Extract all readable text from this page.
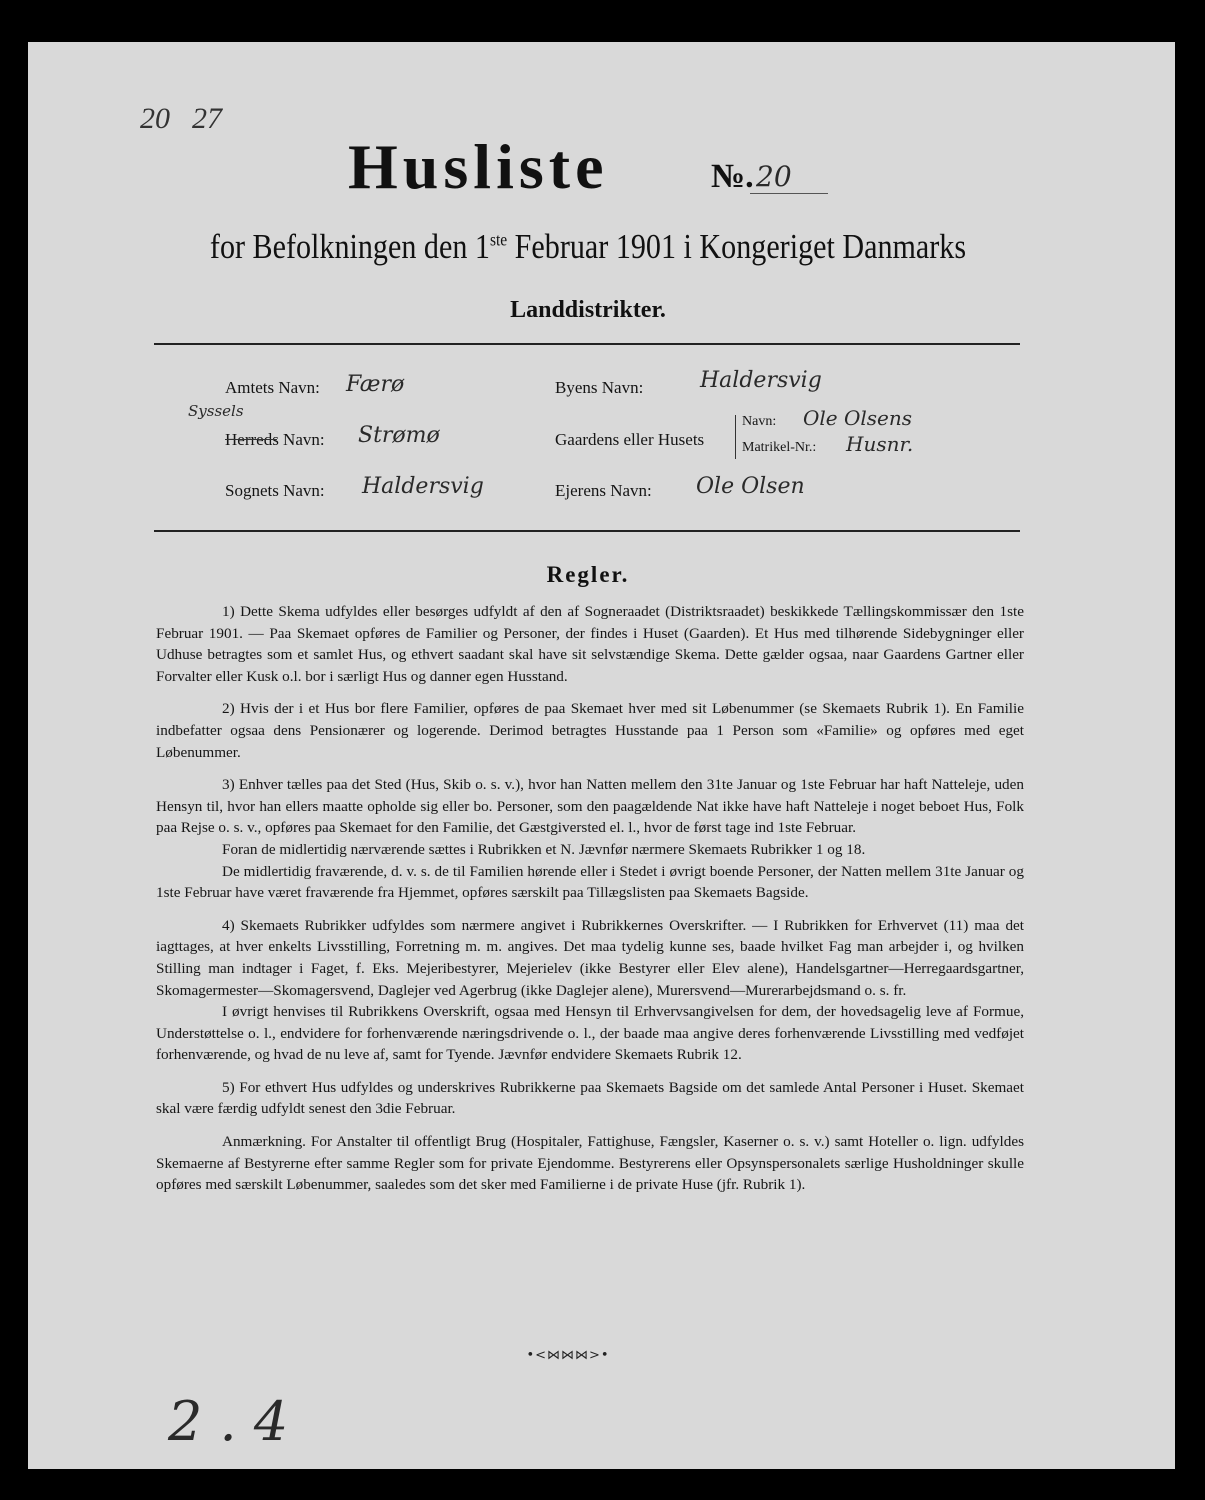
20 27
Husliste	№. 20
for Befolkningen den 1ste Februar 1901 i Kongeriget Danmarks
Landdistrikter.
Amtets Navn: Færø
Syssels
Herreds Navn: Strømø
Sognets Navn: Haldersvig
Byens Navn:	Haldersvig
Gaardens eller Husets
Navn: Ole Olsens
Matrikel-Nr.: Husnr.
Ejerens Navn: Ole Olsen
Regler.

1) Dette Skema udfyldes eller besørges udfyldt af den af Sogneraadet (Distriktsraadet) beskikkede Tællingskommissær den 1ste Februar 1901. — Paa Skemaet opføres de Familier og Personer, der findes i Huset (Gaarden). Et Hus med tilhørende Sidebygninger eller Udhuse betragtes som et samlet Hus, og ethvert saadant skal have sit selvstændige Skema. Dette gælder ogsaa, naar Gaardens Gartner eller Forvalter eller Kusk o.l. bor i særligt Hus og danner egen Husstand.

2) Hvis der i et Hus bor flere Familier, opføres de paa Skemaet hver med sit Løbenummer (se Skemaets Rubrik 1). En Familie indbefatter ogsaa dens Pensionærer og logerende. Derimod betragtes Husstande paa 1 Person som «Familie» og opføres med eget Løbenummer.

3) Enhver tælles paa det Sted (Hus, Skib o. s. v.), hvor han Natten mellem den 31te Januar og 1ste Februar har haft Natteleje, uden Hensyn til, hvor han ellers maatte opholde sig eller bo. Personer, som den paagældende Nat ikke have haft Natteleje i noget beboet Hus, Folk paa Rejse o. s. v., opføres paa Skemaet for den Familie, det Gæstgiversted el. l., hvor de først tage ind 1ste Februar.

Foran de midlertidig nærværende sættes i Rubrikken et N. Jævnfør nærmere Skemaets Rubrikker 1 og 18.

De midlertidig fraværende, d. v. s. de til Familien hørende eller i Stedet i øvrigt boende Personer, der Natten mellem 31te Januar og 1ste Februar have været fraværende fra Hjemmet, opføres særskilt paa Tillægslisten paa Skemaets Bagside.

4) Skemaets Rubrikker udfyldes som nærmere angivet i Rubrikkernes Overskrifter. — I Rubrikken for Erhvervet (11) maa det iagttages, at hver enkelts Livsstilling, Forretning m. m. angives. Det maa tydelig kunne ses, baade hvilket Fag man arbejder i, og hvilken Stilling man indtager i Faget, f. Eks. Mejeribestyrer, Mejerielev (ikke Bestyrer eller Elev alene), Handelsgartner—Herregaardsgartner, Skomagermester—Skomagersvend, Daglejer ved Agerbrug (ikke Daglejer alene), Murersvend—Murerarbejdsmand o. s. fr.

I øvrigt henvises til Rubrikkens Overskrift, ogsaa med Hensyn til Erhvervsangivelsen for dem, der hovedsagelig leve af Formue, Understøttelse o. l., endvidere for forhenværende næringsdrivende o. l., der baade maa angive deres forhenværende Livsstilling med vedføjet forhenværende, og hvad de nu leve af, samt for Tyende. Jævnfør endvidere Skemaets Rubrik 12.

5) For ethvert Hus udfyldes og underskrives Rubrikkerne paa Skemaets Bagside om det samlede Antal Personer i Huset. Skemaet skal være færdig udfyldt senest den 3die Februar.

Anmærkning. For Anstalter til offentligt Brug (Hospitaler, Fattighuse, Fængsler, Kaserner o. s. v.) samt Hoteller o. lign. udfyldes Skemaerne af Bestyrerne efter samme Regler som for private Ejendomme. Bestyrerens eller Opsynspersonalets særlige Husholdninger skulle opføres med særskilt Løbenummer, saaledes som det sker med Familierne i de private Huse (jfr. Rubrik 1).

•<⋈⋈⋈>•
2 . 4
